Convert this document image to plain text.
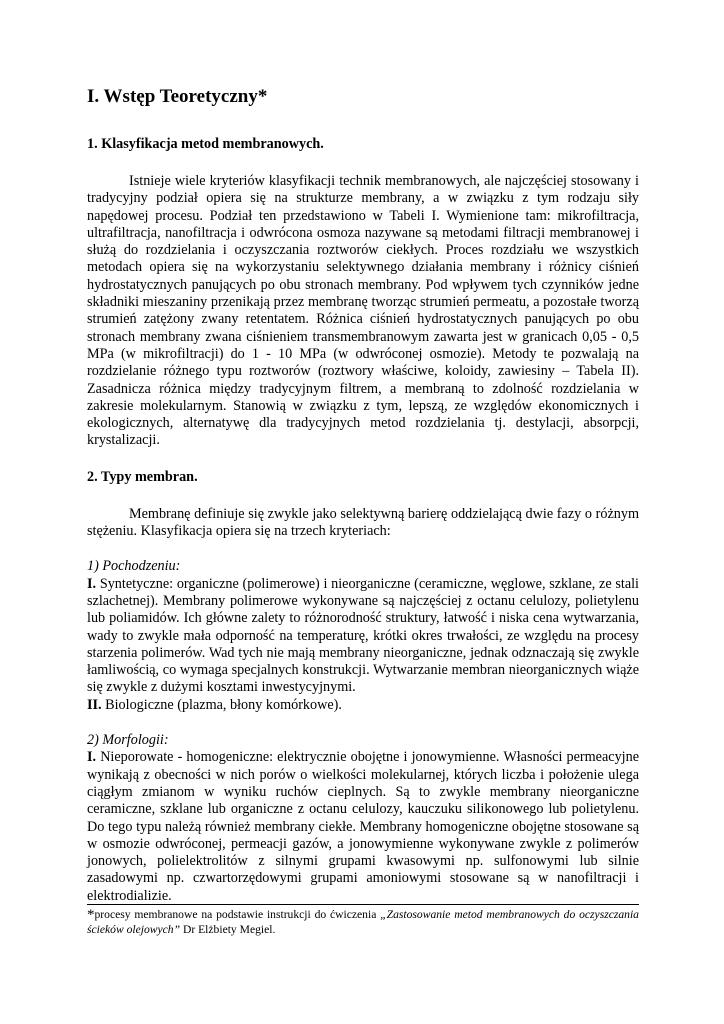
I. Wstęp Teoretyczny*
1. Klasyfikacja metod membranowych.

Istnieje wiele kryteriów klasyfikacji technik membranowych, ale najczęściej stosowany i tradycyjny podział opiera się na strukturze membrany, a w związku z tym rodzaju siły napędowej procesu. Podział ten przedstawiono w Tabeli I. Wymienione tam: mikrofiltracja, ultrafiltracja, nanofiltracja i odwrócona osmoza nazywane są metodami filtracji membranowej i służą do rozdzielania i oczyszczania roztworów ciekłych. Proces rozdziału we wszystkich metodach opiera się na wykorzystaniu selektywnego działania membrany i różnicy ciśnień hydrostatycznych panujących po obu stronach membrany. Pod wpływem tych czynników jedne składniki mieszaniny przenikają przez membranę tworząc strumień permeatu, a pozostałe tworzą strumień zatężony zwany retentatem. Różnica ciśnień hydrostatycznych panujących po obu stronach membrany zwana ciśnieniem transmembranowym zawarta jest w granicach 0,05 - 0,5 MPa (w mikrofiltracji) do 1 - 10 MPa (w odwróconej osmozie). Metody te pozwalają na rozdzielanie różnego typu roztworów (roztwory właściwe, koloidy, zawiesiny – Tabela II). Zasadnicza różnica między tradycyjnym filtrem, a membraną to zdolność rozdzielania w zakresie molekularnym. Stanowią w związku z tym, lepszą, ze względów ekonomicznych i ekologicznych, alternatywę dla tradycyjnych metod rozdzielania tj. destylacji, absorpcji, krystalizacji.

2. Typy membran.

Membranę definiuje się zwykle jako selektywną barierę oddzielającą dwie fazy o różnym stężeniu. Klasyfikacja opiera się na trzech kryteriach:

1) Pochodzeniu:

I. Syntetyczne: organiczne (polimerowe) i nieorganiczne (ceramiczne, węglowe, szklane, ze stali szlachetnej). Membrany polimerowe wykonywane są najczęściej z octanu celulozy, polietylenu lub poliamidów. Ich główne zalety to różnorodność struktury, łatwość i niska cena wytwarzania, wady to zwykle mała odporność na temperaturę, krótki okres trwałości, ze względu na procesy starzenia polimerów. Wad tych nie mają membrany nieorganiczne, jednak odznaczają się zwykle łamliwością, co wymaga specjalnych konstrukcji. Wytwarzanie membran nieorganicznych wiąże się zwykle z dużymi kosztami inwestycyjnymi.

II. Biologiczne (plazma, błony komórkowe).

2) Morfologii:

I. Nieporowate - homogeniczne: elektrycznie obojętne i jonowymienne. Własności permeacyjne wynikają z obecności w nich porów o wielkości molekularnej, których liczba i położenie ulega ciągłym zmianom w wyniku ruchów cieplnych. Są to zwykle membrany nieorganiczne ceramiczne, szklane lub organiczne z octanu celulozy, kauczuku silikonowego lub polietylenu. Do tego typu należą również membrany ciekłe. Membrany homogeniczne obojętne stosowane są w osmozie odwróconej, permeacji gazów, a jonowymienne wykonywane zwykle z polimerów jonowych, polielektrolitów z silnymi grupami kwasowymi np. sulfonowymi lub silnie zasadowymi np. czwartorzędowymi grupami amoniowymi stosowane są w nanofiltracji i elektrodializie.

*procesy membranowe na podstawie instrukcji do ćwiczenia „Zastosowanie metod membranowych do oczyszczania ścieków olejowych” Dr Elżbiety Megiel.
